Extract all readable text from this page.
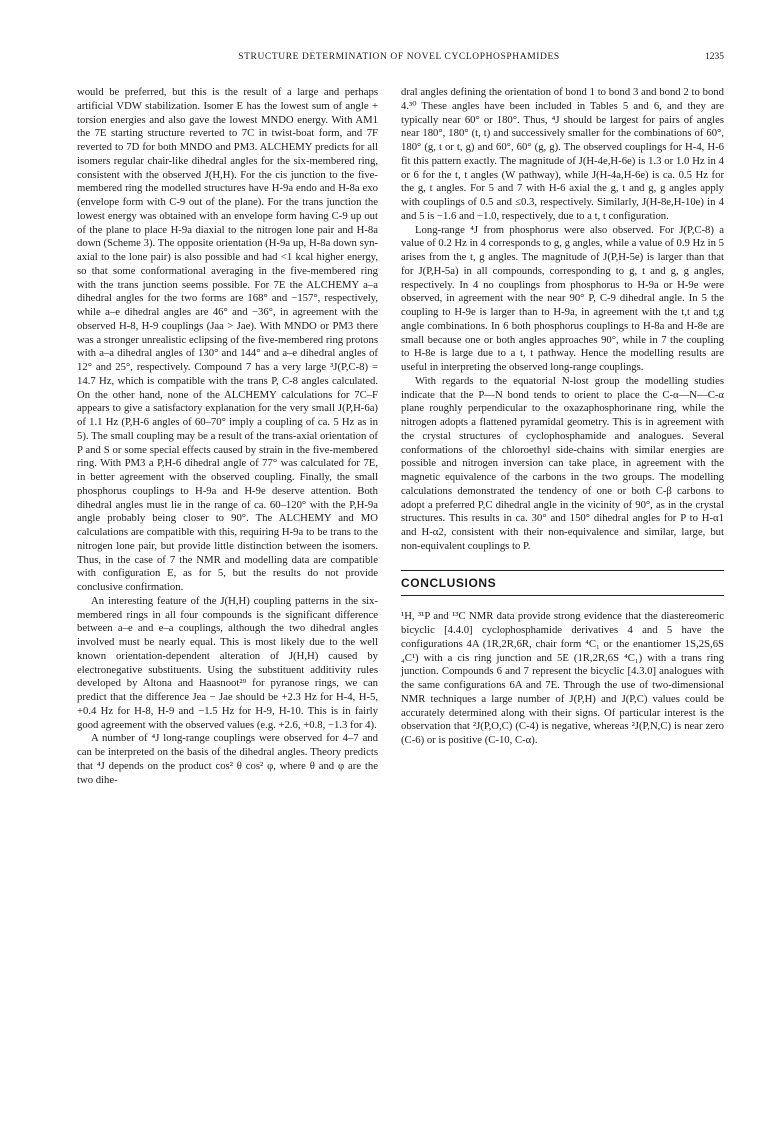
STRUCTURE DETERMINATION OF NOVEL CYCLOPHOSPHAMIDES	1235

would be preferred, but this is the result of a large and perhaps artificial VDW stabilization. Isomer E has the lowest sum of angle + torsion energies and also gave the lowest MNDO energy. With AM1 the 7E starting structure reverted to 7C in twist-boat form, and 7F reverted to 7D for both MNDO and PM3. ALCHEMY predicts for all isomers regular chair-like dihedral angles for the six-membered ring, consistent with the observed J(H,H). For the cis junction to the five-membered ring the modelled structures have H-9a endo and H-8a exo (envelope form with C-9 out of the plane). For the trans junction the lowest energy was obtained with an envelope form having C-9 up out of the plane to place H-9a diaxial to the nitrogen lone pair and H-8a down (Scheme 3). The opposite orientation (H-9a up, H-8a down syn-axial to the lone pair) is also possible and had <1 kcal higher energy, so that some conformational averaging in the five-membered ring with the trans junction seems possible. For 7E the ALCHEMY a–a dihedral angles for the two forms are 168° and −157°, respectively, while a–e dihedral angles are 46° and −36°, in agreement with the observed H-8, H-9 couplings (Jaa > Jae). With MNDO or PM3 there was a stronger unrealistic eclipsing of the five-membered ring protons with a–a dihedral angles of 130° and 144° and a–e dihedral angles of 12° and 25°, respectively. Compound 7 has a very large ³J(P,C-8) = 14.7 Hz, which is compatible with the trans P, C-8 angles calculated. On the other hand, none of the ALCHEMY calculations for 7C–F appears to give a satisfactory explanation for the very small J(P,H-6a) of 1.1 Hz (P,H-6 angles of 60–70° imply a coupling of ca. 5 Hz as in 5). The small coupling may be a result of the trans-axial orientation of P and S or some special effects caused by strain in the five-membered ring. With PM3 a P,H-6 dihedral angle of 77° was calculated for 7E, in better agreement with the observed coupling. Finally, the small phosphorus couplings to H-9a and H-9e deserve attention. Both dihedral angles must lie in the range of ca. 60–120° with the P,H-9a angle probably being closer to 90°. The ALCHEMY and MO calculations are compatible with this, requiring H-9a to be trans to the nitrogen lone pair, but provide little distinction between the isomers. Thus, in the case of 7 the NMR and modelling data are compatible with configuration E, as for 5, but the results do not provide conclusive confirmation.

An interesting feature of the J(H,H) coupling patterns in the six-membered rings in all four compounds is the significant difference between a–e and e–a couplings, although the two dihedral angles involved must be nearly equal. This is most likely due to the well known orientation-dependent alteration of J(H,H) caused by electronegative substituents. Using the substituent additivity rules developed by Altona and Haasnoot²⁹ for pyranose rings, we can predict that the difference Jea − Jae should be +2.3 Hz for H-4, H-5, +0.4 Hz for H-8, H-9 and −1.5 Hz for H-9, H-10. This is in fairly good agreement with the observed values (e.g. +2.6, +0.8, −1.3 for 4).

A number of ⁴J long-range couplings were observed for 4–7 and can be interpreted on the basis of the dihedral angles. Theory predicts that ⁴J depends on the product cos² θ cos² φ, where θ and φ are the two dihe-

dral angles defining the orientation of bond 1 to bond 3 and bond 2 to bond 4.³⁰ These angles have been included in Tables 5 and 6, and they are typically near 60° or 180°. Thus, ⁴J should be largest for pairs of angles near 180°, 180° (t, t) and successively smaller for the combinations of 60°, 180° (g, t or t, g) and 60°, 60° (g, g). The observed couplings for H-4, H-6 fit this pattern exactly. The magnitude of J(H-4e,H-6e) is 1.3 or 1.0 Hz in 4 or 6 for the t, t angles (W pathway), while J(H-4a,H-6e) is ca. 0.5 Hz for the g, t angles. For 5 and 7 with H-6 axial the g, t and g, g angles apply with couplings of 0.5 and ≤0.3, respectively. Similarly, J(H-8e,H-10e) in 4 and 5 is −1.6 and −1.0, respectively, due to a t, t configuration.

Long-range ⁴J from phosphorus were also observed. For J(P,C-8) a value of 0.2 Hz in 4 corresponds to g, g angles, while a value of 0.9 Hz in 5 arises from the t, g angles. The magnitude of J(P,H-5e) is larger than that for J(P,H-5a) in all compounds, corresponding to g, t and g, g angles, respectively. In 4 no couplings from phosphorus to H-9a or H-9e were observed, in agreement with the near 90° P, C-9 dihedral angle. In 5 the coupling to H-9e is larger than to H-9a, in agreement with the t,t and t,g angle combinations. In 6 both phosphorus couplings to H-8a and H-8e are small because one or both angles approaches 90°, while in 7 the coupling to H-8e is large due to a t, t pathway. Hence the modelling results are useful in interpreting the observed long-range couplings.

With regards to the equatorial N-lost group the modelling studies indicate that the P—N bond tends to orient to place the C-α—N—C-α plane roughly perpendicular to the oxazaphosphorinane ring, while the nitrogen adopts a flattened pyramidal geometry. This is in agreement with the crystal structures of cyclophosphamide and analogues. Several conformations of the chloroethyl side-chains with similar energies are possible and nitrogen inversion can take place, in agreement with the magnetic equivalence of the carbons in the two groups. The modelling calculations demonstrated the tendency of one or both C-β carbons to adopt a preferred P,C dihedral angle in the vicinity of 90°, as in the crystal structures. This results in ca. 30° and 150° dihedral angles for P to H-α1 and H-α2, consistent with their non-equivalence and similar, large, but non-equivalent couplings to P.

CONCLUSIONS

¹H, ³¹P and ¹³C NMR data provide strong evidence that the diastereomeric bicyclic [4.4.0] cyclophosphamide derivatives 4 and 5 have the configurations 4A (1R,2R,6R, chair form ⁴C₁ or the enantiomer 1S,2S,6S ₄C¹) with a cis ring junction and 5E (1R,2R,6S ⁴C₁) with a trans ring junction. Compounds 6 and 7 represent the bicyclic [4.3.0] analogues with the same configurations 6A and 7E. Through the use of two-dimensional NMR techniques a large number of J(P,H) and J(P,C) values could be accurately determined along with their signs. Of particular interest is the observation that ²J(P,O,C) (C-4) is negative, whereas ²J(P,N,C) is near zero (C-6) or is positive (C-10, C-α).
